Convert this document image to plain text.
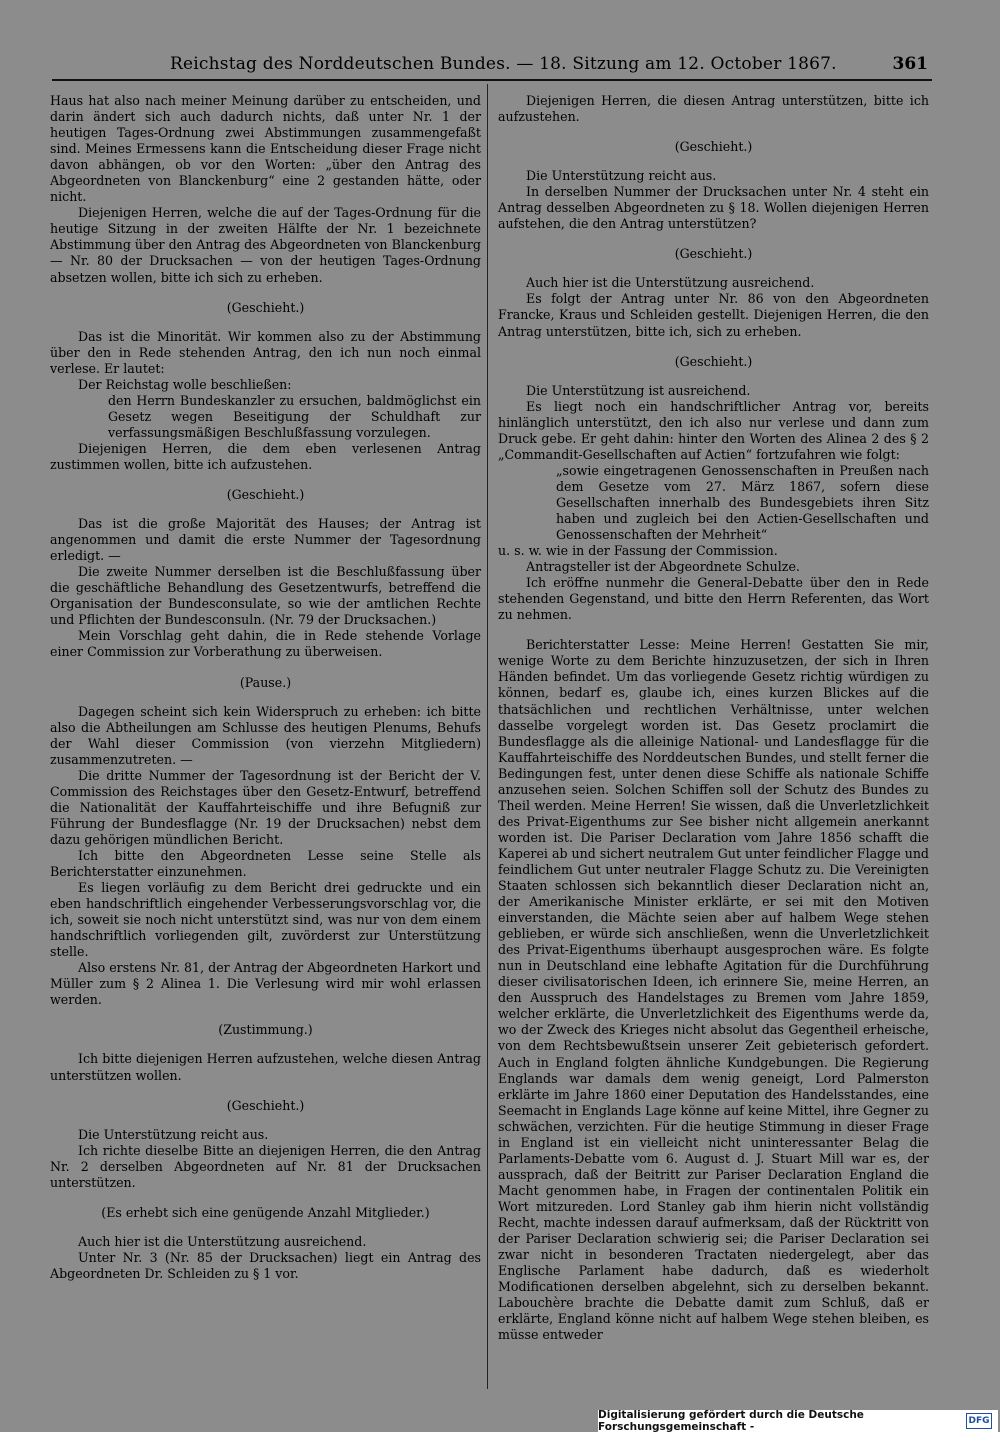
Reichstag des Norddeutschen Bundes. — 18. Sitzung am 12. October 1867.	361

Haus hat also nach meiner Meinung darüber zu entscheiden, und darin ändert sich auch dadurch nichts, daß unter Nr. 1 der heutigen Tages-Ordnung zwei Abstimmungen zusammengefaßt sind. Meines Ermessens kann die Entscheidung dieser Frage nicht davon abhängen, ob vor den Worten: „über den Antrag des Abgeordneten von Blanckenburg“ eine 2 gestanden hätte, oder nicht.

Diejenigen Herren, welche die auf der Tages-Ordnung für die heutige Sitzung in der zweiten Hälfte der Nr. 1 bezeichnete Abstimmung über den Antrag des Abgeordneten von Blanckenburg — Nr. 80 der Drucksachen — von der heutigen Tages-Ordnung absetzen wollen, bitte ich sich zu erheben.

(Geschieht.)

Das ist die Minorität. Wir kommen also zu der Abstimmung über den in Rede stehenden Antrag, den ich nun noch einmal verlese. Er lautet:

Der Reichstag wolle beschließen:

den Herrn Bundeskanzler zu ersuchen, baldmöglichst ein Gesetz wegen Beseitigung der Schuldhaft zur verfassungsmäßigen Beschlußfassung vorzulegen.

Diejenigen Herren, die dem eben verlesenen Antrag zustimmen wollen, bitte ich aufzustehen.

(Geschieht.)

Das ist die große Majorität des Hauses; der Antrag ist angenommen und damit die erste Nummer der Tagesordnung erledigt. —

Die zweite Nummer derselben ist die Beschlußfassung über die geschäftliche Behandlung des Gesetzentwurfs, betreffend die Organisation der Bundesconsulate, so wie der amtlichen Rechte und Pflichten der Bundesconsuln. (Nr. 79 der Drucksachen.)

Mein Vorschlag geht dahin, die in Rede stehende Vorlage einer Commission zur Vorberathung zu überweisen.

(Pause.)

Dagegen scheint sich kein Widerspruch zu erheben: ich bitte also die Abtheilungen am Schlusse des heutigen Plenums, Behufs der Wahl dieser Commission (von vierzehn Mitgliedern) zusammenzutreten. —

Die dritte Nummer der Tagesordnung ist der Bericht der V. Commission des Reichstages über den Gesetz-Entwurf, betreffend die Nationalität der Kauffahrteischiffe und ihre Befugniß zur Führung der Bundesflagge (Nr. 19 der Drucksachen) nebst dem dazu gehörigen mündlichen Bericht.

Ich bitte den Abgeordneten Lesse seine Stelle als Berichterstatter einzunehmen.

Es liegen vorläufig zu dem Bericht drei gedruckte und ein eben handschriftlich eingehender Verbesserungsvorschlag vor, die ich, soweit sie noch nicht unterstützt sind, was nur von dem einem handschriftlich vorliegenden gilt, zuvörderst zur Unterstützung stelle.

Also erstens Nr. 81, der Antrag der Abgeordneten Harkort und Müller zum § 2 Alinea 1. Die Verlesung wird mir wohl erlassen werden.

(Zustimmung.)

Ich bitte diejenigen Herren aufzustehen, welche diesen Antrag unterstützen wollen.

(Geschieht.)

Die Unterstützung reicht aus.

Ich richte dieselbe Bitte an diejenigen Herren, die den Antrag Nr. 2 derselben Abgeordneten auf Nr. 81 der Drucksachen unterstützen.

(Es erhebt sich eine genügende Anzahl Mitglieder.)

Auch hier ist die Unterstützung ausreichend.

Unter Nr. 3 (Nr. 85 der Drucksachen) liegt ein Antrag des Abgeordneten Dr. Schleiden zu § 1 vor.

Diejenigen Herren, die diesen Antrag unterstützen, bitte ich aufzustehen.

(Geschieht.)

Die Unterstützung reicht aus.

In derselben Nummer der Drucksachen unter Nr. 4 steht ein Antrag desselben Abgeordneten zu § 18. Wollen diejenigen Herren aufstehen, die den Antrag unterstützen?

(Geschieht.)

Auch hier ist die Unterstützung ausreichend.

Es folgt der Antrag unter Nr. 86 von den Abgeordneten Francke, Kraus und Schleiden gestellt. Diejenigen Herren, die den Antrag unterstützen, bitte ich, sich zu erheben.

(Geschieht.)

Die Unterstützung ist ausreichend.

Es liegt noch ein handschriftlicher Antrag vor, bereits hinlänglich unterstützt, den ich also nur verlese und dann zum Druck gebe. Er geht dahin: hinter den Worten des Alinea 2 des § 2 „Commandit-Gesellschaften auf Actien“ fortzufahren wie folgt:

„sowie eingetragenen Genossenschaften in Preußen nach dem Gesetze vom 27. März 1867, sofern diese Gesellschaften innerhalb des Bundesgebiets ihren Sitz haben und zugleich bei den Actien-Gesellschaften und Genossenschaften der Mehrheit“

u. s. w. wie in der Fassung der Commission.

Antragsteller ist der Abgeordnete Schulze.

Ich eröffne nunmehr die General-Debatte über den in Rede stehenden Gegenstand, und bitte den Herrn Referenten, das Wort zu nehmen.

Berichterstatter Lesse: Meine Herren! Gestatten Sie mir, wenige Worte zu dem Berichte hinzuzusetzen, der sich in Ihren Händen befindet. Um das vorliegende Gesetz richtig würdigen zu können, bedarf es, glaube ich, eines kurzen Blickes auf die thatsächlichen und rechtlichen Verhältnisse, unter welchen dasselbe vorgelegt worden ist. Das Gesetz proclamirt die Bundesflagge als die alleinige National- und Landesflagge für die Kauffahrteischiffe des Norddeutschen Bundes, und stellt ferner die Bedingungen fest, unter denen diese Schiffe als nationale Schiffe anzusehen seien. Solchen Schiffen soll der Schutz des Bundes zu Theil werden. Meine Herren! Sie wissen, daß die Unverletzlichkeit des Privat-Eigenthums zur See bisher nicht allgemein anerkannt worden ist. Die Pariser Declaration vom Jahre 1856 schafft die Kaperei ab und sichert neutralem Gut unter feindlicher Flagge und feindlichem Gut unter neutraler Flagge Schutz zu. Die Vereinigten Staaten schlossen sich bekanntlich dieser Declaration nicht an, der Amerikanische Minister erklärte, er sei mit den Motiven einverstanden, die Mächte seien aber auf halbem Wege stehen geblieben, er würde sich anschließen, wenn die Unverletzlichkeit des Privat-Eigenthums überhaupt ausgesprochen wäre. Es folgte nun in Deutschland eine lebhafte Agitation für die Durchführung dieser civilisatorischen Ideen, ich erinnere Sie, meine Herren, an den Ausspruch des Handelstages zu Bremen vom Jahre 1859, welcher erklärte, die Unverletzlichkeit des Eigenthums werde da, wo der Zweck des Krieges nicht absolut das Gegentheil erheische, von dem Rechtsbewußtsein unserer Zeit gebieterisch gefordert. Auch in England folgten ähnliche Kundgebungen. Die Regierung Englands war damals dem wenig geneigt, Lord Palmerston erklärte im Jahre 1860 einer Deputation des Handelsstandes, eine Seemacht in Englands Lage könne auf keine Mittel, ihre Gegner zu schwächen, verzichten. Für die heutige Stimmung in dieser Frage in England ist ein vielleicht nicht uninteressanter Belag die Parlaments-Debatte vom 6. August d. J. Stuart Mill war es, der aussprach, daß der Beitritt zur Pariser Declaration England die Macht genommen habe, in Fragen der continentalen Politik ein Wort mitzureden. Lord Stanley gab ihm hierin nicht vollständig Recht, machte indessen darauf aufmerksam, daß der Rücktritt von der Pariser Declaration schwierig sei; die Pariser Declaration sei zwar nicht in besonderen Tractaten niedergelegt, aber das Englische Parlament habe dadurch, daß es wiederholt Modificationen derselben abgelehnt, sich zu derselben bekannt. Labouchère brachte die Debatte damit zum Schluß, daß er erklärte, England könne nicht auf halbem Wege stehen bleiben, es müsse entweder

Digitalisierung gefördert durch die Deutsche Forschungsgemeinschaft -	DFG
